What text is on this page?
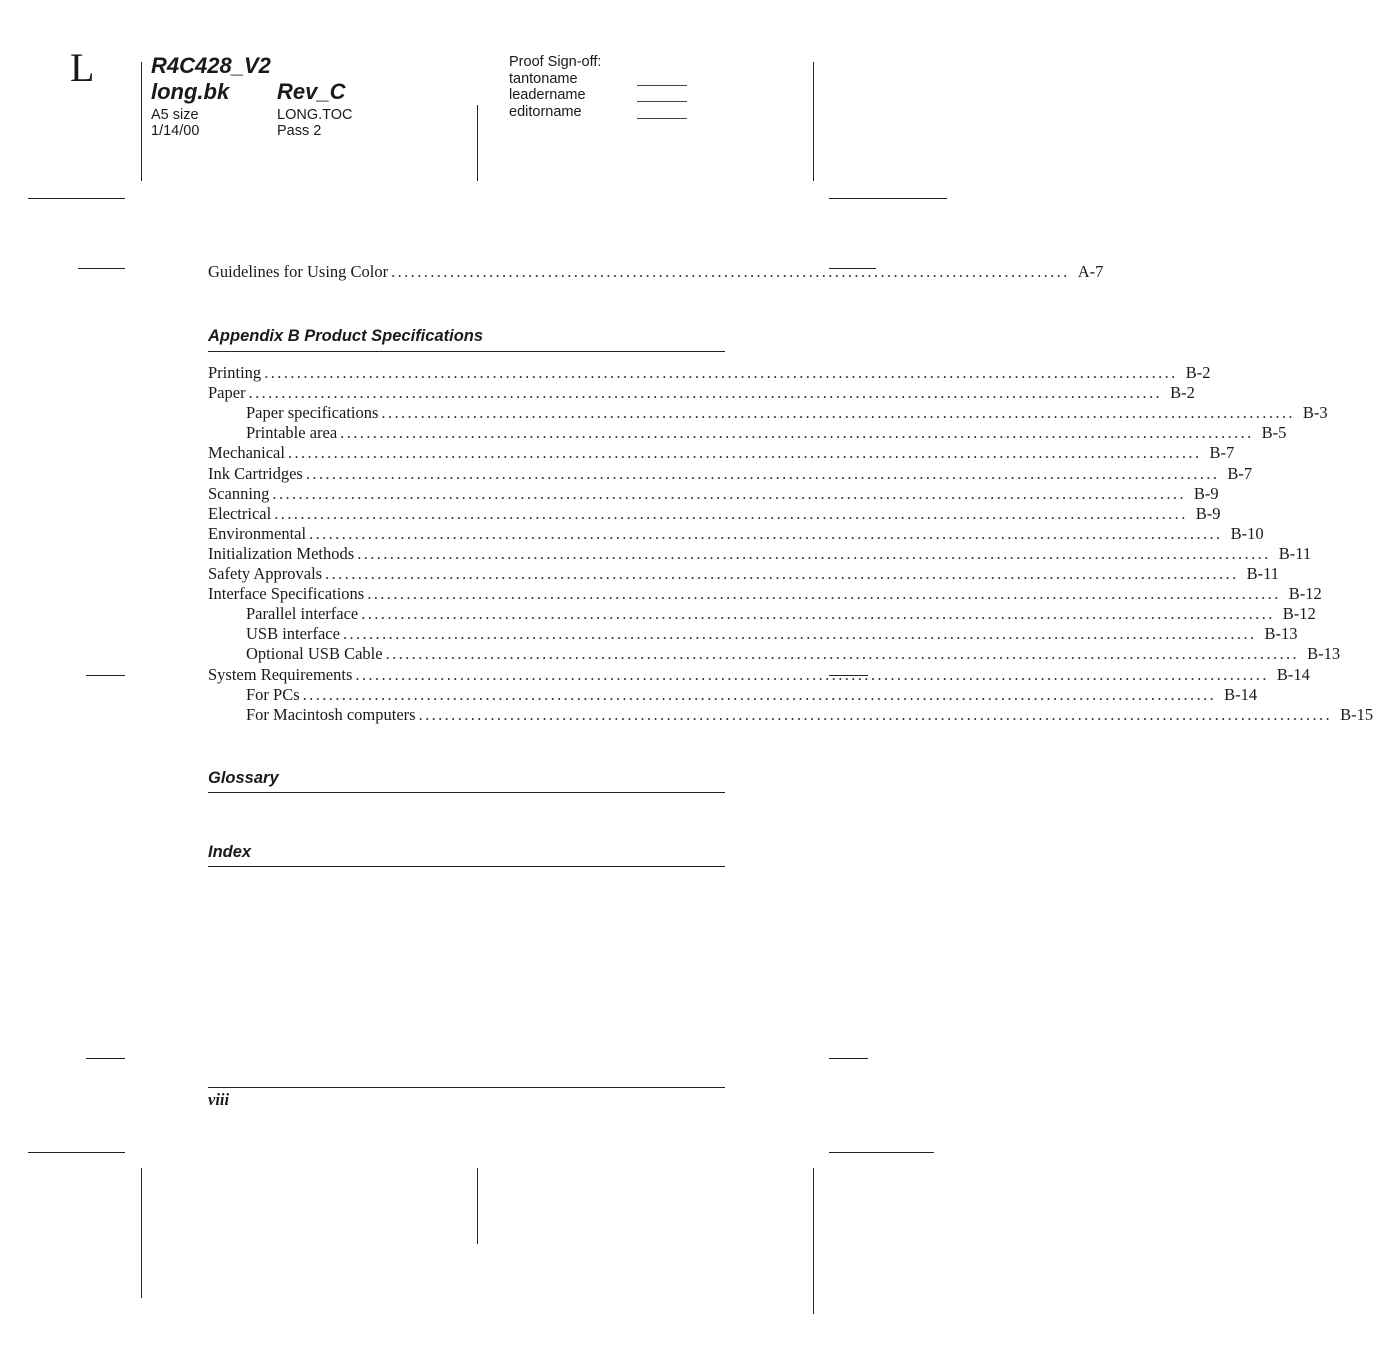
L	R4C428_V2
long.bk Rev_C
A5 size
1/14/00
LONG.TOC
Pass 2
Proof Sign-off:
tantoname
leadername
editorname
Guidelines for Using Color ........................................................................................................ A-7
Appendix B Product Specifications
Printing ............................................................................................................................................ B-2
Paper ............................................................................................................................................ B-2
Paper specifications ............................................................................................................................................ B-3
Printable area ............................................................................................................................................ B-5
Mechanical ............................................................................................................................................ B-7
Ink Cartridges ............................................................................................................................................ B-7
Scanning ............................................................................................................................................ B-9
Electrical ............................................................................................................................................ B-9
Environmental ............................................................................................................................................ B-10
Initialization Methods ............................................................................................................................................ B-11
Safety Approvals ............................................................................................................................................ B-11
Interface Specifications ............................................................................................................................................ B-12
Parallel interface ............................................................................................................................................ B-12
USB interface ............................................................................................................................................ B-13
Optional USB Cable ............................................................................................................................................ B-13
System Requirements ............................................................................................................................................ B-14
For PCs ............................................................................................................................................ B-14
For Macintosh computers ............................................................................................................................................ B-15
Glossary
Index
viii
